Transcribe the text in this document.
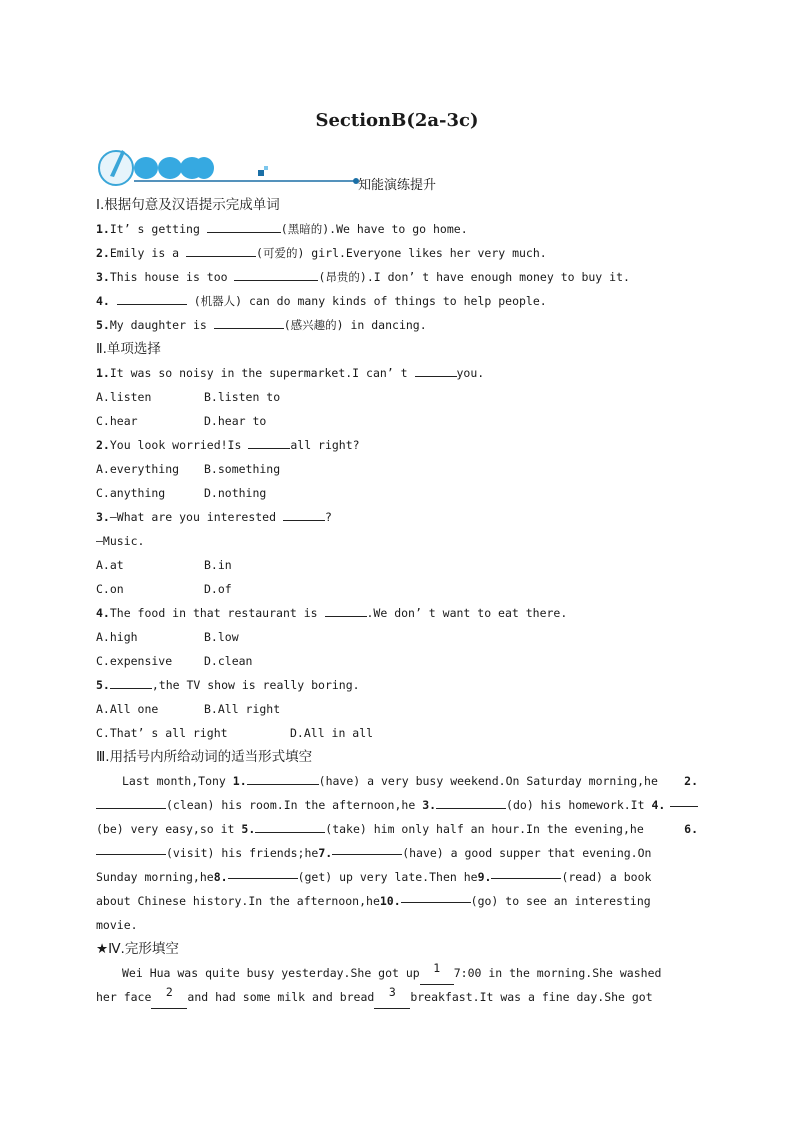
SectionB(2a-3c)
知能演练提升
Ⅰ.根据句意及汉语提示完成单词
1.It’ s getting	(黑暗的).We have to go home.
2.Emily is a	(可爱的) girl.Everyone likes her very much.
3.This house is too	(昂贵的).I don’ t have enough money to buy it.
4.	(机器人) can do many kinds of things to help people.
5.My daughter is	(感兴趣的) in dancing.
Ⅱ.单项选择
1.It was so noisy in the supermarket.I can’ t	you.
A.listen	B.listen to
C.hear	D.hear to
2.You look worried!Is	all right?
A.everything B.something
C.anything	D.nothing
3.—What are you interested	?
—Music.
A.at	B.in
C.on	D.of
4.The food in that restaurant is	.We don’ t want to eat there.
A.high	B.low
C.expensive	D.clean
5.	,the TV show is really boring.
A.All one	B.All right
C.That’ s all right	D.All in all
Ⅲ.用括号内所给动词的适当形式填空
Last month,Tony 1.	(have) a very busy weekend.On Saturday morning,he 2.
(clean) his room.In the afternoon,he 3.	(do) his homework.It 4.
(be) very easy,so it 5.	(take) him only half an hour.In the evening,he	6.
(visit) his friends;he 7.	(have) a good supper that evening.On
Sunday morning,he 8.	(get) up very late.Then he 9.	(read) a book
about Chinese history.In the afternoon,he 10.	(go) to see an interesting
movie.
★Ⅳ.完形填空
Wei Hua was quite busy yesterday.She got up	1	7:00 in the morning.She washed
her face	2	and had some milk and bread	3	breakfast.It was a fine day.She got
